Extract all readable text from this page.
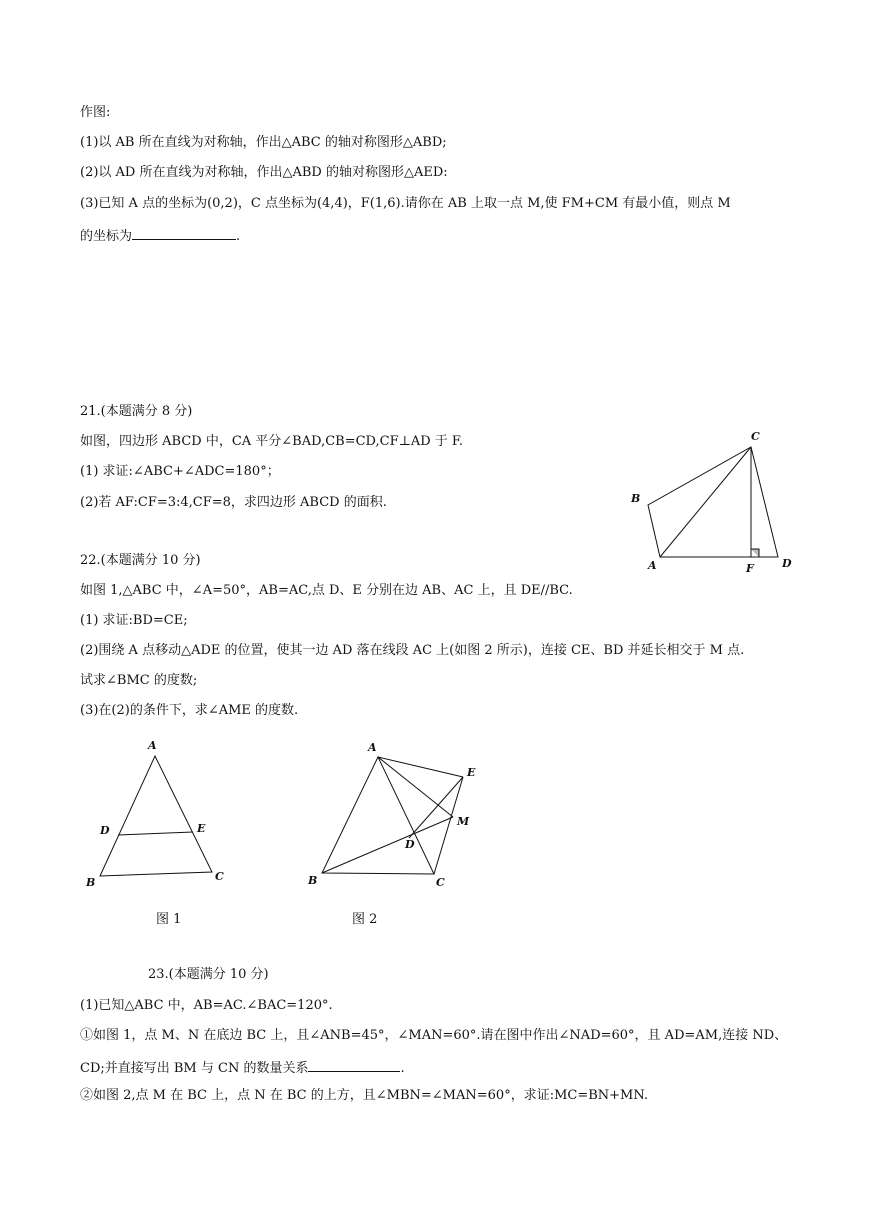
作图:
(1)以 AB 所在直线为对称轴，作出△ABC 的轴对称图形△ABD;
(2)以 AD 所在直线为对称轴，作出△ABD 的轴对称图形△AED:
(3)已知 A 点的坐标为(0,2)，C 点坐标为(4,4)，F(1,6).请你在 AB 上取一点 M,使 FM+CM 有最小值，则点 M
的坐标为	.
21.(本题满分 8 分)
如图，四边形 ABCD 中，CA 平分∠BAD,CB=CD,CF⊥AD 于 F.
(1) 求证:∠ABC+∠ADC=180°；
(2)若 AF:CF=3:4,CF=8，求四边形 ABCD 的面积.
22.(本题满分 10 分)
如图 1,△ABC 中，∠A=50°，AB=AC,点 D、E 分别在边 AB、AC 上，且 DE//BC.
(1) 求证:BD=CE;
(2)围绕 A 点移动△ADE 的位置，使其一边 AD 落在线段 AC 上(如图 2 所示)，连接 CE、BD 并延长相交于 M 点.
试求∠BMC 的度数;
(3)在(2)的条件下，求∠AME 的度数.
图 1	图 2
23.(本题满分 10 分)
(1)已知△ABC 中，AB=AC.∠BAC=120°.
①如图 1，点 M、N 在底边 BC 上，且∠ANB=45°，∠MAN=60°.请在图中作出∠NAD=60°，且 AD=AM,连接 ND、
CD;并直接写出 BM 与 CN 的数量关系	.
②如图 2,点 M 在 BC 上，点 N 在 BC 的上方，且∠MBN=∠MAN=60°，求证:MC=BN+MN.
C
B
A	F	D
A
D	E
B	C
A
E
M
D
B	C
